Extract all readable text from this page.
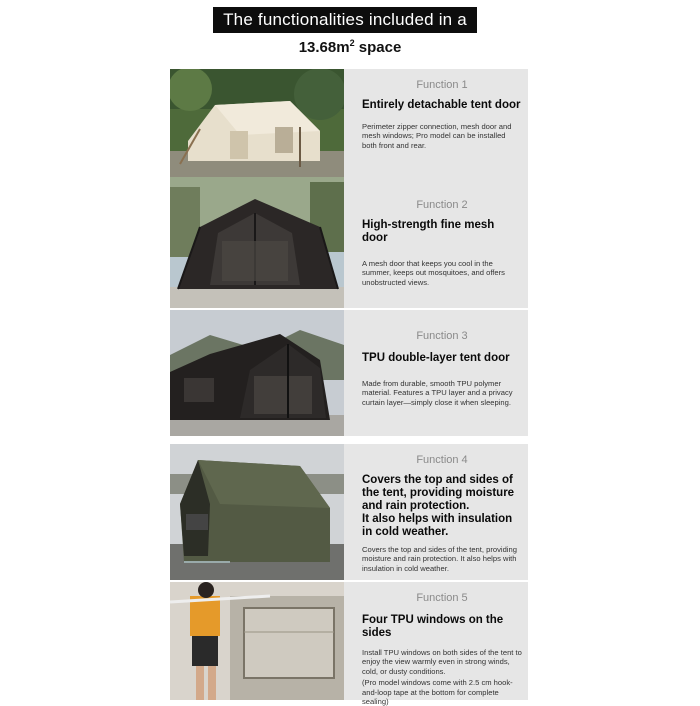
The functionalities included in a
$13.68m^2$ space
Function 1
Entirely detachable tent door
Perimeter zipper connection, mesh door and mesh windows; Pro model can be installed both front and rear.
Function 2
High-strength fine mesh door
A mesh door that keeps you cool in the summer, keeps out mosquitoes, and offers unobstructed views.
Function 3
TPU double-layer tent door
Made from durable, smooth TPU polymer material. Features a TPU layer and a privacy curtain layer—simply close it when sleeping.
Function 4
Covers the top and sides of the tent, providing moisture and rain protection.
It also helps with insulation in cold weather.
Covers the top and sides of the tent, providing moisture and rain protection. It also helps with insulation in cold weather.
Function 5
Four TPU windows on the sides
Install TPU windows on both sides of the tent to enjoy the view warmly even in strong winds, cold, or dusty conditions.
(Pro model windows come with 2.5 cm hook-and-loop tape at the bottom for complete sealing)
